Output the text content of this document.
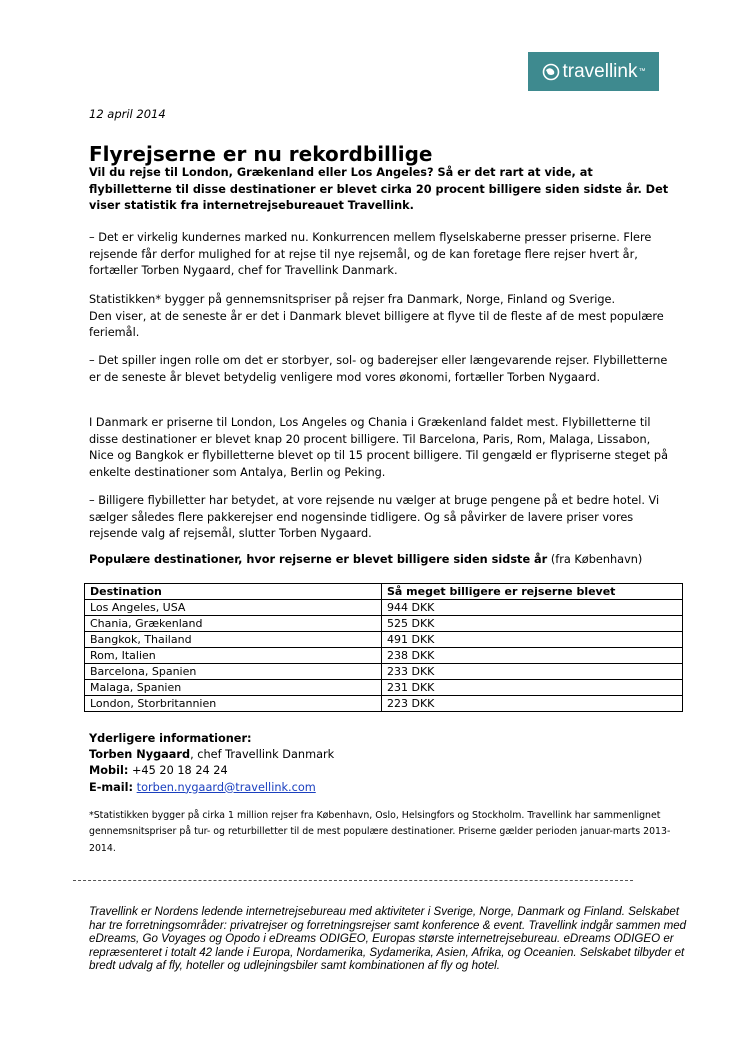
travellink ™
12 april 2014
Flyrejserne er nu rekordbillige

Vil du rejse til London, Grækenland eller Los Angeles? Så er det rart at vide, at flybilletterne til disse destinationer er blevet cirka 20 procent billigere siden sidste år. Det viser statistik fra internetrejsebureauet Travellink.

– Det er virkelig kundernes marked nu. Konkurrencen mellem flyselskaberne presser priserne. Flere rejsende får derfor mulighed for at rejse til nye rejsemål, og de kan foretage flere rejser hvert år, fortæller Torben Nygaard, chef for Travellink Danmark.

Statistikken* bygger på gennemsnitspriser på rejser fra Danmark, Norge, Finland og Sverige.
Den viser, at de seneste år er det i Danmark blevet billigere at flyve til de fleste af de mest populære feriemål.

– Det spiller ingen rolle om det er storbyer, sol- og baderejser eller længevarende rejser. Flybilletterne er de seneste år blevet betydelig venligere mod vores økonomi, fortæller Torben Nygaard.

I Danmark er priserne til London, Los Angeles og Chania i Grækenland faldet mest. Flybilletterne til disse destinationer er blevet knap 20 procent billigere. Til Barcelona, Paris, Rom, Malaga, Lissabon, Nice og Bangkok er flybilletterne blevet op til 15 procent billigere. Til gengæld er flypriserne steget på enkelte destinationer som Antalya, Berlin og Peking.

– Billigere flybilletter har betydet, at vore rejsende nu vælger at bruge pengene på et bedre hotel. Vi sælger således flere pakkerejser end nogensinde tidligere. Og så påvirker de lavere priser vores rejsende valg af rejsemål, slutter Torben Nygaard.

Populære destinationer, hvor rejserne er blevet billigere siden sidste år (fra København)
Destination	Så meget billigere er rejserne blevet
Los Angeles, USA	944 DKK
Chania, Grækenland	525 DKK
Bangkok, Thailand	491 DKK
Rom, Italien	238 DKK
Barcelona, Spanien	233 DKK
Malaga, Spanien	231 DKK
London, Storbritannien	223 DKK
Yderligere informationer:
Torben Nygaard, chef Travellink Danmark
Mobil: +45 20 18 24 24
E-mail: torben.nygaard@travellink.com

*Statistikken bygger på cirka 1 million rejser fra København, Oslo, Helsingfors og Stockholm. Travellink har sammenlignet gennemsnitspriser på tur- og returbilletter til de mest populære destinationer. Priserne gælder perioden januar-marts 2013-2014.

Travellink er Nordens ledende internetrejsebureau med aktiviteter i Sverige, Norge, Danmark og Finland. Selskabet har tre forretningsområder: privatrejser og forretningsrejser samt konference & event. Travellink indgår sammen med eDreams, Go Voyages og Opodo i eDreams ODIGEO, Europas største internetrejsebureau. eDreams ODIGEO er repræsenteret i totalt 42 lande i Europa, Nordamerika, Sydamerika, Asien, Afrika, og Oceanien. Selskabet tilbyder et bredt udvalg af fly, hoteller og udlejningsbiler samt kombinationen af fly og hotel.
